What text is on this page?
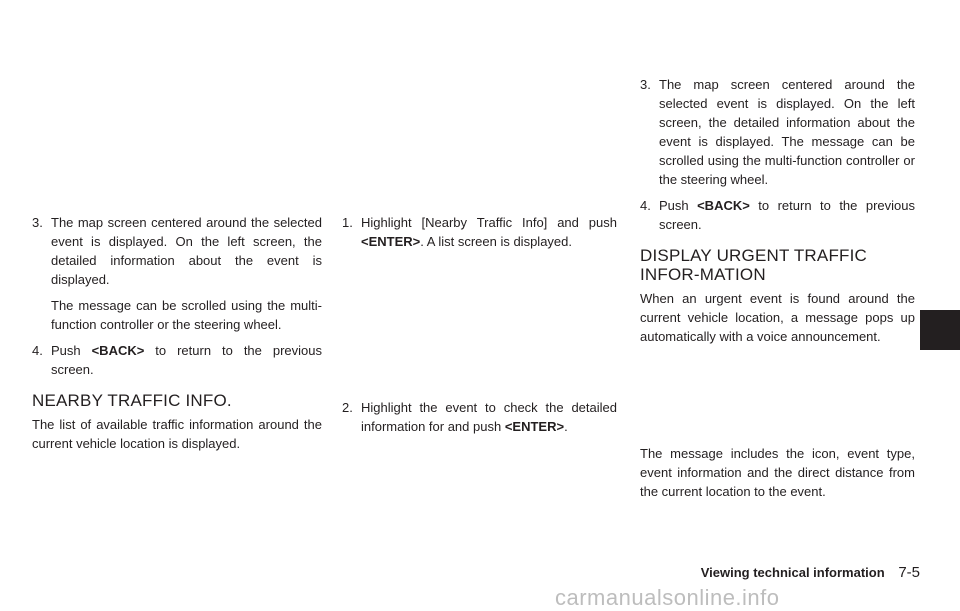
3. The map screen centered around the selected event is displayed. On the left screen, the detailed information about the event is displayed.
The message can be scrolled using the multi-function controller or the steering wheel.
4. Push <BACK> to return to the previous screen.
NEARBY TRAFFIC INFO.
The list of available traffic information around the current vehicle location is displayed.
1. Highlight [Nearby Traffic Info] and push <ENTER>. A list screen is displayed.
2. Highlight the event to check the detailed information for and push <ENTER>.
3. The map screen centered around the selected event is displayed. On the left screen, the detailed information about the event is displayed. The message can be scrolled using the multi-function controller or the steering wheel.
4. Push <BACK> to return to the previous screen.
DISPLAY URGENT TRAFFIC INFOR-MATION
When an urgent event is found around the current vehicle location, a message pops up automatically with a voice announcement.
The message includes the icon, event type, event information and the direct distance from the current location to the event.
Viewing technical information 7-5
carmanualsonline.info
